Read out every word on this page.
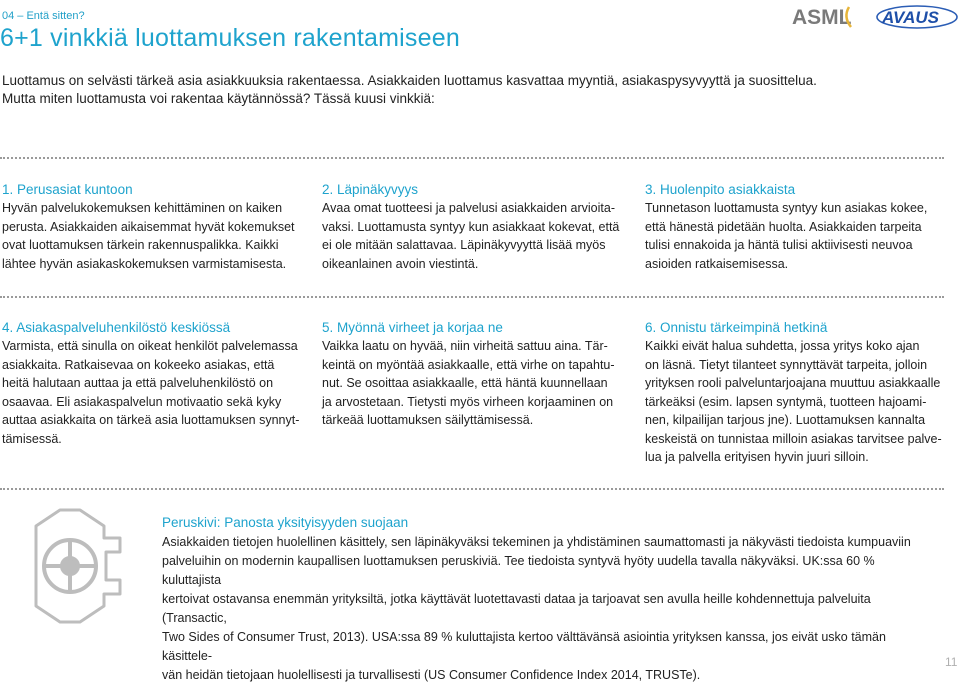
04 – Entä sitten?
6+1 vinkkiä luottamuksen rakentamiseen
ASML AVAUS
Luottamus on selvästi tärkeä asia asiakkuuksia rakentaessa. Asiakkaiden luottamus kasvattaa myyntiä, asiakaspysyvyyttä ja suosittelua.
Mutta miten luottamusta voi rakentaa käytännössä? Tässä kuusi vinkkiä:
1. Perusasiat kuntoon

Hyvän palvelukokemuksen kehittäminen on kaiken
perusta. Asiakkaiden aikaisemmat hyvät kokemukset
ovat luottamuksen tärkein rakennuspalikka. Kaikki
lähtee hyvän asiakaskokemuksen varmistamisesta.

2. Läpinäkyvyys

Avaa omat tuotteesi ja palvelusi asiakkaiden arvioita-
vaksi. Luottamusta syntyy kun asiakkaat kokevat, että
ei ole mitään salattavaa. Läpinäkyvyyttä lisää myös
oikeanlainen avoin viestintä.

3. Huolenpito asiakkaista

Tunnetason luottamusta syntyy kun asiakas kokee,
että hänestä pidetään huolta. Asiakkaiden tarpeita
tulisi ennakoida ja häntä tulisi aktiivisesti neuvoa
asioiden ratkaisemisessa.

4. Asiakaspalveluhenkilöstö keskiössä

Varmista, että sinulla on oikeat henkilöt palvelemassa
asiakkaita. Ratkaisevaa on kokeeko asiakas, että
heitä halutaan auttaa ja että palveluhenkilöstö on
osaavaa. Eli asiakaspalvelun motivaatio sekä kyky
auttaa asiakkaita on tärkeä asia luottamuksen synnyt-
tämisessä.

5. Myönnä virheet ja korjaa ne

Vaikka laatu on hyvää, niin virheitä sattuu aina. Tär-
keintä on myöntää asiakkaalle, että virhe on tapahtu-
nut. Se osoittaa asiakkaalle, että häntä kuunnellaan
ja arvostetaan. Tietysti myös virheen korjaaminen on
tärkeää luottamuksen säilyttämisessä.

6. Onnistu tärkeimpinä hetkinä

Kaikki eivät halua suhdetta, jossa yritys koko ajan
on läsnä. Tietyt tilanteet synnyttävät tarpeita, jolloin
yrityksen rooli palveluntarjoajana muuttuu asiakkaalle
tärkeäksi (esim. lapsen syntymä, tuotteen hajoami-
nen, kilpailijan tarjous jne). Luottamuksen kannalta
keskeistä on tunnistaa milloin asiakas tarvitsee palve-
lua ja palvella erityisen hyvin juuri silloin.

Peruskivi: Panosta yksityisyyden suojaan
Asiakkaiden tietojen huolellinen käsittely, sen läpinäkyväksi tekeminen ja yhdistäminen saumattomasti ja näkyvästi tiedoista kumpuaviin
palveluihin on modernin kaupallisen luottamuksen peruskiviä. Tee tiedoista syntyvä hyöty uudella tavalla näkyväksi. UK:ssa 60 % kuluttajista
kertoivat ostavansa enemmän yrityksiltä, jotka käyttävät luotettavasti dataa ja tarjoavat sen avulla heille kohdennettuja palveluita (Transactic,
Two Sides of Consumer Trust, 2013). USA:ssa 89 % kuluttajista kertoo välttävänsä asiointia yrityksen kanssa, jos eivät usko tämän käsittele-
vän heidän tietojaan huolellisesti ja turvallisesti (US Consumer Confidence Index 2014, TRUSTe).
11
